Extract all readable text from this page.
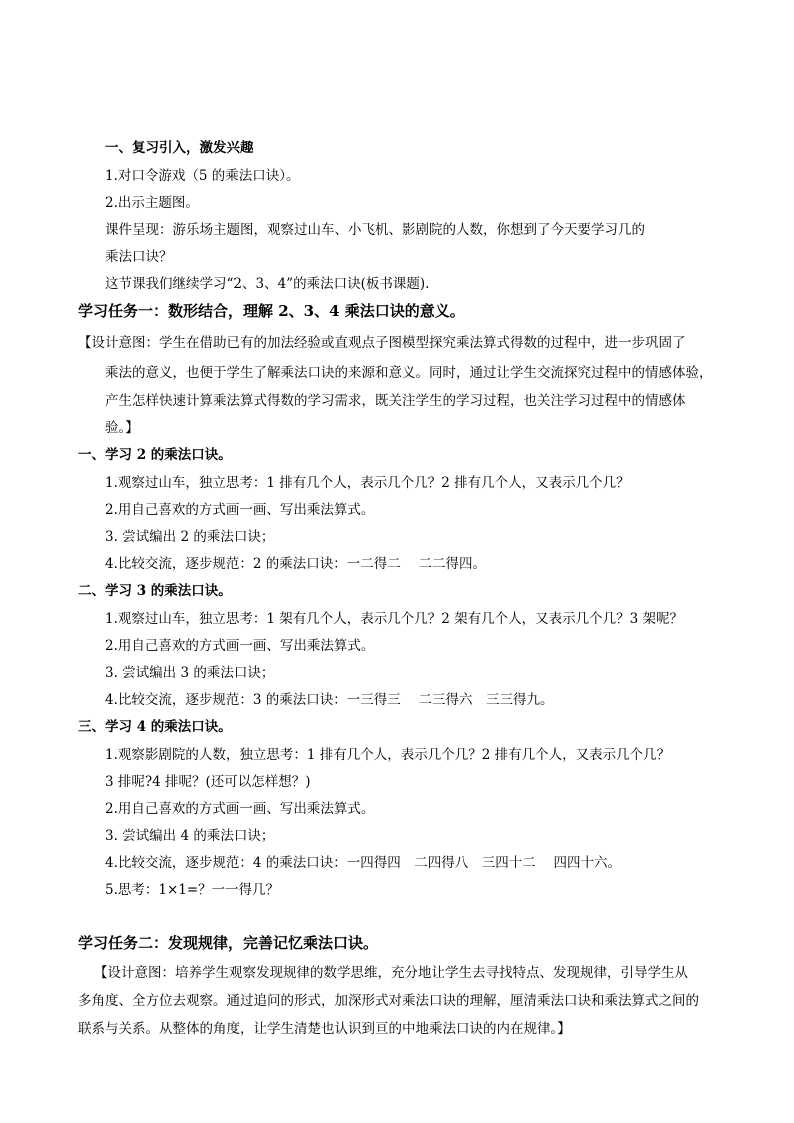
一、复习引入，激发兴趣
1.对口令游戏（5 的乘法口诀）。
2.出示主题图。
课件呈现：游乐场主题图，观察过山车、小飞机、影剧院的人数，你想到了今天要学习几的
乘法口诀？
这节课我们继续学习“2、3、4”的乘法口诀(板书课题).
学习任务一：数形结合，理解 2、3、4 乘法口诀的意义。
【设计意图：学生在借助已有的加法经验或直观点子图模型探究乘法算式得数的过程中，进一步巩固了
乘法的意义，也便于学生了解乘法口诀的来源和意义。同时，通过让学生交流探究过程中的情感体验，
产生怎样快速计算乘法算式得数的学习需求，既关注学生的学习过程，也关注学习过程中的情感体
验。】
一、学习 2 的乘法口诀。
1.观察过山车，独立思考：1 排有几个人，表示几个几？2 排有几个人，又表示几个几？
2.用自己喜欢的方式画一画、写出乘法算式。
3. 尝试编出 2 的乘法口诀；
4.比较交流，逐步规范：2 的乘法口诀：一二得二　 二二得四。
二、学习 3 的乘法口诀。
1.观察过山车，独立思考：1 架有几个人，表示几个几？2 架有几个人，又表示几个几？3 架呢？
2.用自己喜欢的方式画一画、写出乘法算式。
3. 尝试编出 3 的乘法口诀；
4.比较交流，逐步规范：3 的乘法口诀：一三得三　 二三得六　三三得九。
三、学习 4 的乘法口诀。
1.观察影剧院的人数，独立思考：1 排有几个人，表示几个几？2 排有几个人，又表示几个几？
3 排呢?4 排呢？(还可以怎样想？)
2.用自己喜欢的方式画一画、写出乘法算式。
3. 尝试编出 4 的乘法口诀；
4.比较交流，逐步规范：4 的乘法口诀：一四得四　二四得八　三四十二　 四四十六。
5.思考：1×1=？一一得几？
学习任务二：发现规律，完善记忆乘法口诀。
【设计意图：培养学生观察发现规律的数学思维，充分地让学生去寻找特点、发现规律，引导学生从
多角度、全方位去观察。通过追问的形式，加深形式对乘法口诀的理解，厘清乘法口诀和乘法算式之间的
联系与关系。从整体的角度，让学生清楚也认识到亘的中地乘法口诀的内在规律。】
